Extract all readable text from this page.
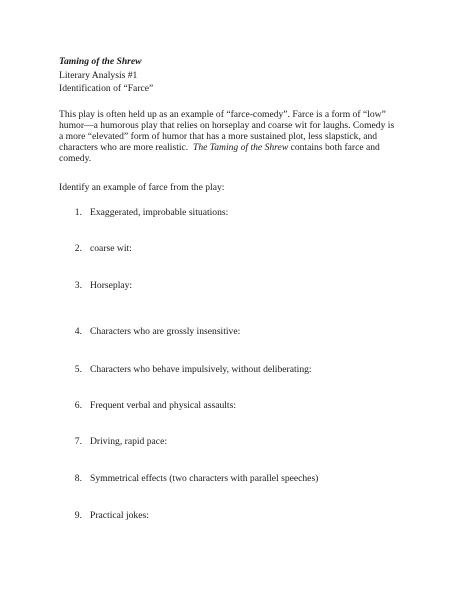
Taming of the Shrew
Literary Analysis #1
Identification of “Farce”
This play is often held up as an example of “farce-comedy”. Farce is a form of “low”
humor—a humorous play that relies on horseplay and coarse wit for laughs. Comedy is
a more “elevated” form of humor that has a more sustained plot, less slapstick, and
characters who are more realistic. The Taming of the Shrew contains both farce and
comedy.
Identify an example of farce from the play:
1. Exaggerated, improbable situations:
2. coarse wit:
3. Horseplay:
4. Characters who are grossly insensitive:
5. Characters who behave impulsively, without deliberating:
6. Frequent verbal and physical assaults:
7. Driving, rapid pace:
8. Symmetrical effects (two characters with parallel speeches)
9. Practical jokes:
